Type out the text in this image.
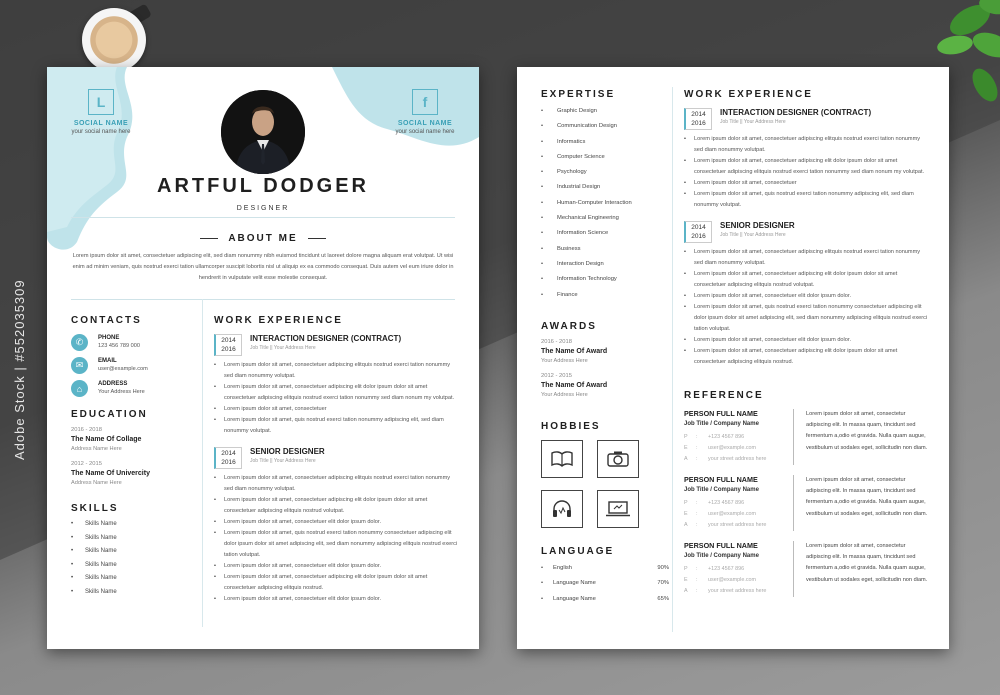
L
SOCIAL NAME
your social name here
f
SOCIAL NAME
your social name here
ARTFUL DODGER
DESIGNER
ABOUT ME
Lorem ipsum dolor sit amet, consectetuer adipiscing elit, sed diam nonummy nibh euismod tincidunt ut laoreet dolore magna aliquam erat volutpat. Ut wisi enim ad minim veniam, quis nostrud exerci tation ullamcorper suscipit lobortis nisl ut aliquip ex ea commodo consequat. Duis autem vel eum iriure dolor in hendrerit in vulputate velit esse molestie consequat.
CONTACTS
✆	PHONE
123 456 789 000
✉	EMAIL
user@example.com
⌂	ADDRESS
Your Address Here
EDUCATION
2016 - 2018
The Name Of Collage
Address Name Here
2012 - 2015
The Name Of Univercity
Address Name Here
SKILLS
• Skills Name
• Skills Name
• Skills Name
• Skills Name
• Skills Name
• Skills Name
WORK EXPERIENCE
2014
2016
INTERACTION DESIGNER (CONTRACT)
Job Title || Your Address Here
• Lorem ipsum dolor sit amet, consectetuer adipiscing elitquis nostrud exerci tation nonummy sed diam nonummy volutpat.
• Lorem ipsum dolor sit amet, consectetuer adipiscing elit dolor ipsum dolor sit amet consectetuer adipiscing elitquis nostrud exerci tation nonummy sed diam nonum my volutpat.
• Lorem ipsum dolor sit amet, consectetuer
• Lorem ipsum dolor sit amet, quis nostrud exerci tation nonummy adipiscing elit, sed diam nonummy volutpat.
2014
2016
SENIOR DESIGNER
Job Title || Your Address Here
• Lorem ipsum dolor sit amet, consectetuer adipiscing elitquis nostrud exerci tation nonummy sed diam nonummy volutpat.
• Lorem ipsum dolor sit amet, consectetuer adipiscing elit dolor ipsum dolor sit amet consectetuer adipiscing elitquis nostrud volutpat.
• Lorem ipsum dolor sit amet, consectetuer elit dolor ipsum dolor.
• Lorem ipsum dolor sit amet, quis nostrud exerci tation nonummy consectetuer adipiscing elit dolor ipsum dolor sit amet adipiscing elit, sed diam nonummy adipiscing elitquis nostrud exerci tation volutpat.
• Lorem ipsum dolor sit amet, consectetuer elit dolor ipsum dolor.
• Lorem ipsum dolor sit amet, consectetuer adipiscing elit dolor ipsum dolor sit amet consectetuer adipiscing elitquis nostrud.
• Lorem ipsum dolor sit amet, consectetuer elit dolor ipsum dolor.
EXPERTISE
• Graphic Design
• Communication Design
• Informatics
• Computer Science
• Psychology
• Industrial Design
• Human-Computer Interaction
• Mechanical Engineering
• Information Science
• Business
• Interaction Design
• Information Technology
• Finance
AWARDS
2016 - 2018
The Name Of Award
Your Address Here
2012 - 2015
The Name Of Award
Your Address Here
HOBBIES
LANGUAGE
• English	90%
• Language Name	70%
• Language Name	65%
WORK EXPERIENCE
2014
2016
INTERACTION DESIGNER (CONTRACT)
Job Title || Your Address Here
• Lorem ipsum dolor sit amet, consectetuer adipiscing elitquis nostrud exerci tation nonummy sed diam nonummy volutpat.
• Lorem ipsum dolor sit amet, consectetuer adipiscing elit dolor ipsum dolor sit amet consectetuer adipiscing elitquis nostrud exerci tation nonummy sed diam nonum my volutpat.
• Lorem ipsum dolor sit amet, consectetuer
• Lorem ipsum dolor sit amet, quis nostrud exerci tation nonummy adipiscing elit, sed diam nonummy volutpat.
2014
2016
SENIOR DESIGNER
Job Title || Your Address Here
• Lorem ipsum dolor sit amet, consectetuer adipiscing elitquis nostrud exerci tation nonummy sed diam nonummy volutpat.
• Lorem ipsum dolor sit amet, consectetuer adipiscing elit dolor ipsum dolor sit amet consectetuer adipiscing elitquis nostrud volutpat.
• Lorem ipsum dolor sit amet, consectetuer elit dolor ipsum dolor.
• Lorem ipsum dolor sit amet, quis nostrud exerci tation nonummy consectetuer adipiscing elit dolor ipsum dolor sit amet adipiscing elit, sed diam nonummy adipiscing elitquis nostrud exerci tation volutpat.
• Lorem ipsum dolor sit amet, consectetuer elit dolor ipsum dolor.
• Lorem ipsum dolor sit amet, consectetuer adipiscing elit dolor ipsum dolor sit amet consectetuer adipiscing elitquis nostrud.
REFERENCE
PERSON FULL NAME
Job Title / Company Name
P : +123 4567 896
E : user@example.com
A : your street address here
Lorem ipsum dolor sit amet, consectetur adipiscing elit. In massa quam, tincidunt sed fermentum a,odio et gravida. Nulla quam augue, vestibulum ut sodales eget, sollicitudin non diam.
PERSON FULL NAME
Job Title / Company Name
P : +123 4567 896
E : user@example.com
A : your street address here
Lorem ipsum dolor sit amet, consectetur adipiscing elit. In massa quam, tincidunt sed fermentum a,odio et gravida. Nulla quam augue, vestibulum ut sodales eget, sollicitudin non diam.
PERSON FULL NAME
Job Title / Company Name
P : +123 4567 896
E : user@example.com
A : your street address here
Lorem ipsum dolor sit amet, consectetur adipiscing elit. In massa quam, tincidunt sed fermentum a,odio et gravida. Nulla quam augue, vestibulum ut sodales eget, sollicitudin non diam.
Adobe Stock | #552035309
